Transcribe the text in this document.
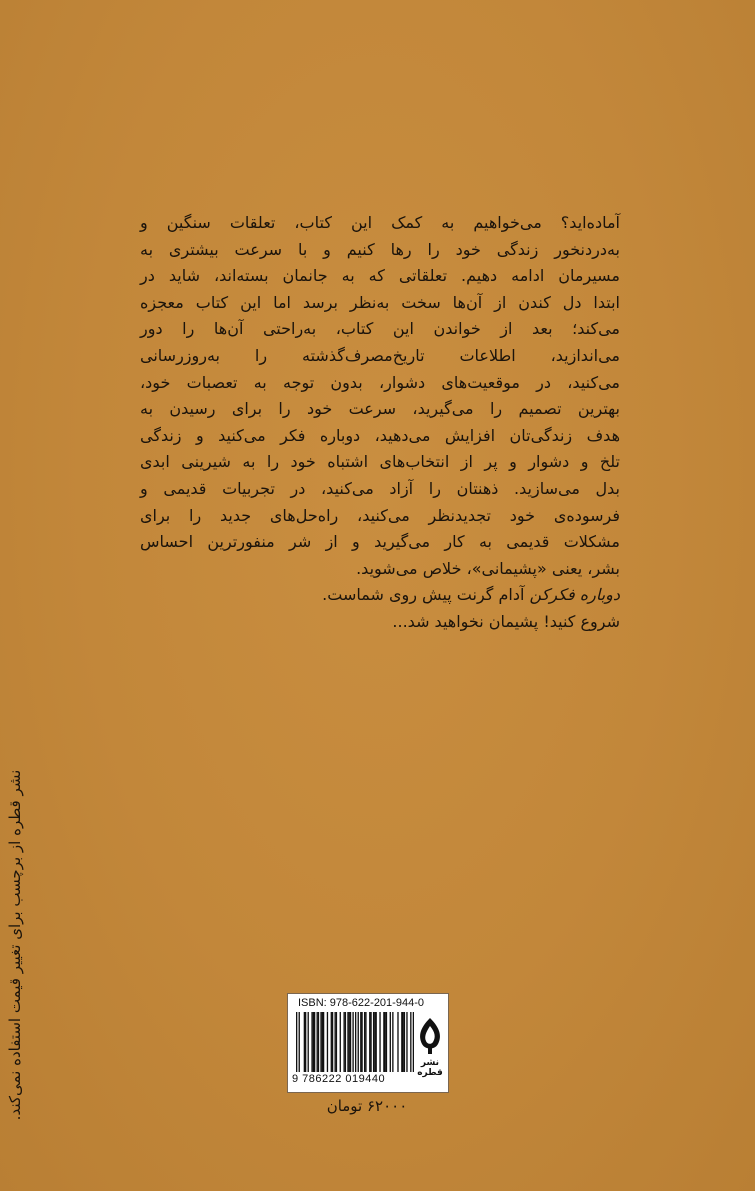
آماده‌اید؟ می‌خواهیم به کمک این کتاب، تعلقات سنگین و
به‌دردنخور زندگی خود را رها کنیم و با سرعت بیشتری به
مسیرمان ادامه دهیم. تعلقاتی که به جانمان بسته‌اند، شاید در
ابتدا دل کندن از آن‌ها سخت به‌نظر برسد اما این کتاب معجزه
می‌کند؛ بعد از خواندن این کتاب، به‌راحتی آن‌ها را دور
می‌اندازید، اطلاعات تاریخ‌مصرف‌گذشته را به‌روزرسانی
می‌کنید، در موقعیت‌های دشوار، بدون توجه به تعصبات خود،
بهترین تصمیم را می‌گیرید، سرعت خود را برای رسیدن به
هدف زندگی‌تان افزایش می‌دهید، دوباره فکر می‌کنید و زندگی
تلخ و دشوار و پر از انتخاب‌های اشتباه خود را به شیرینی ابدی
بدل می‌سازید. ذهنتان را آزاد می‌کنید، در تجربیات قدیمی و
فرسوده‌ی خود تجدیدنظر می‌کنید، راه‌حل‌های جدید را برای
مشکلات قدیمی به کار می‌گیرید و از شر منفورترین احساس
بشر، یعنی «پشیمانی»، خلاص می‌شوید.
دوباره فکرکن آدام گرنت پیش روی شماست.
شروع کنید! پشیمان نخواهید شد...
نشر قطره از برچسب برای تغییر قیمت استفاده نمی‌کند.	ISBN: 978-622-201-944-0
9 786222 019440
نشر قطره
۶۲۰۰۰ تومان
